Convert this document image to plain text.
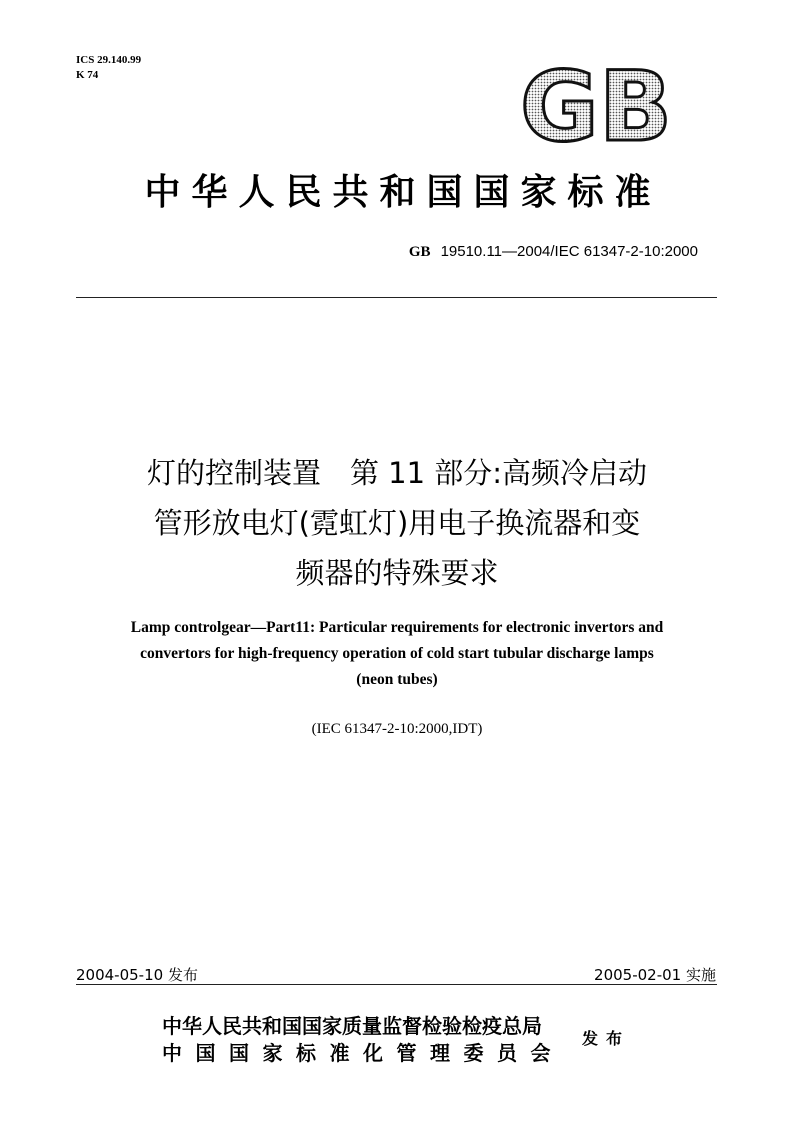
ICS 29.140.99
K 74	GB
中华人民共和国国家标准
GB 19510.11—2004/IEC 61347-2-10:2000
灯的控制装置　第 11 部分:高频冷启动
管形放电灯(霓虹灯)用电子换流器和变
频器的特殊要求
Lamp controlgear—Part11: Particular requirements for electronic invertors and
convertors for high-frequency operation of cold start tubular discharge lamps
(neon tubes)
(IEC 61347-2-10:2000,IDT)
2004-05-10 发布	2005-02-01 实施
中华人民共和国国家质量监督检验检疫总局
中国国家标准化管理委员会
发布
